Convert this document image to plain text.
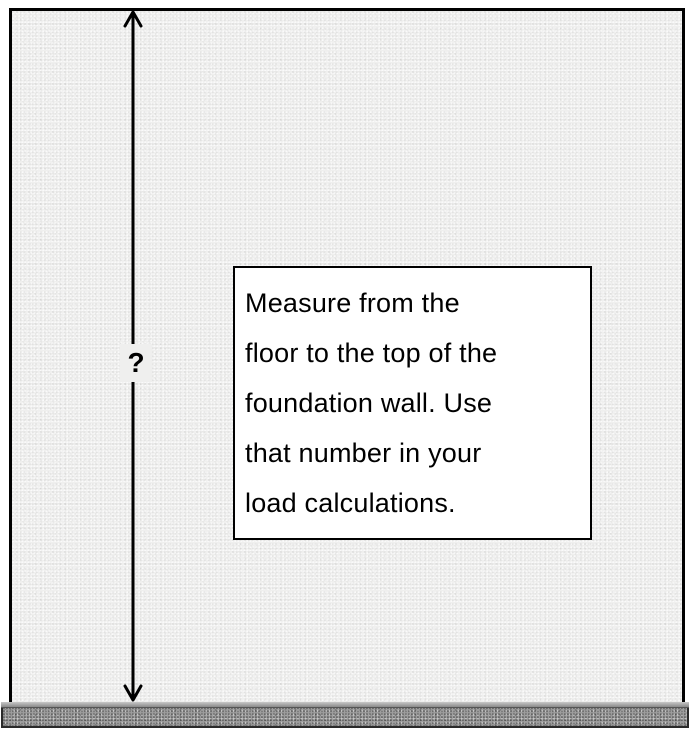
?
Measure from the
floor to the top of the
foundation wall. Use
that number in your
load calculations.
